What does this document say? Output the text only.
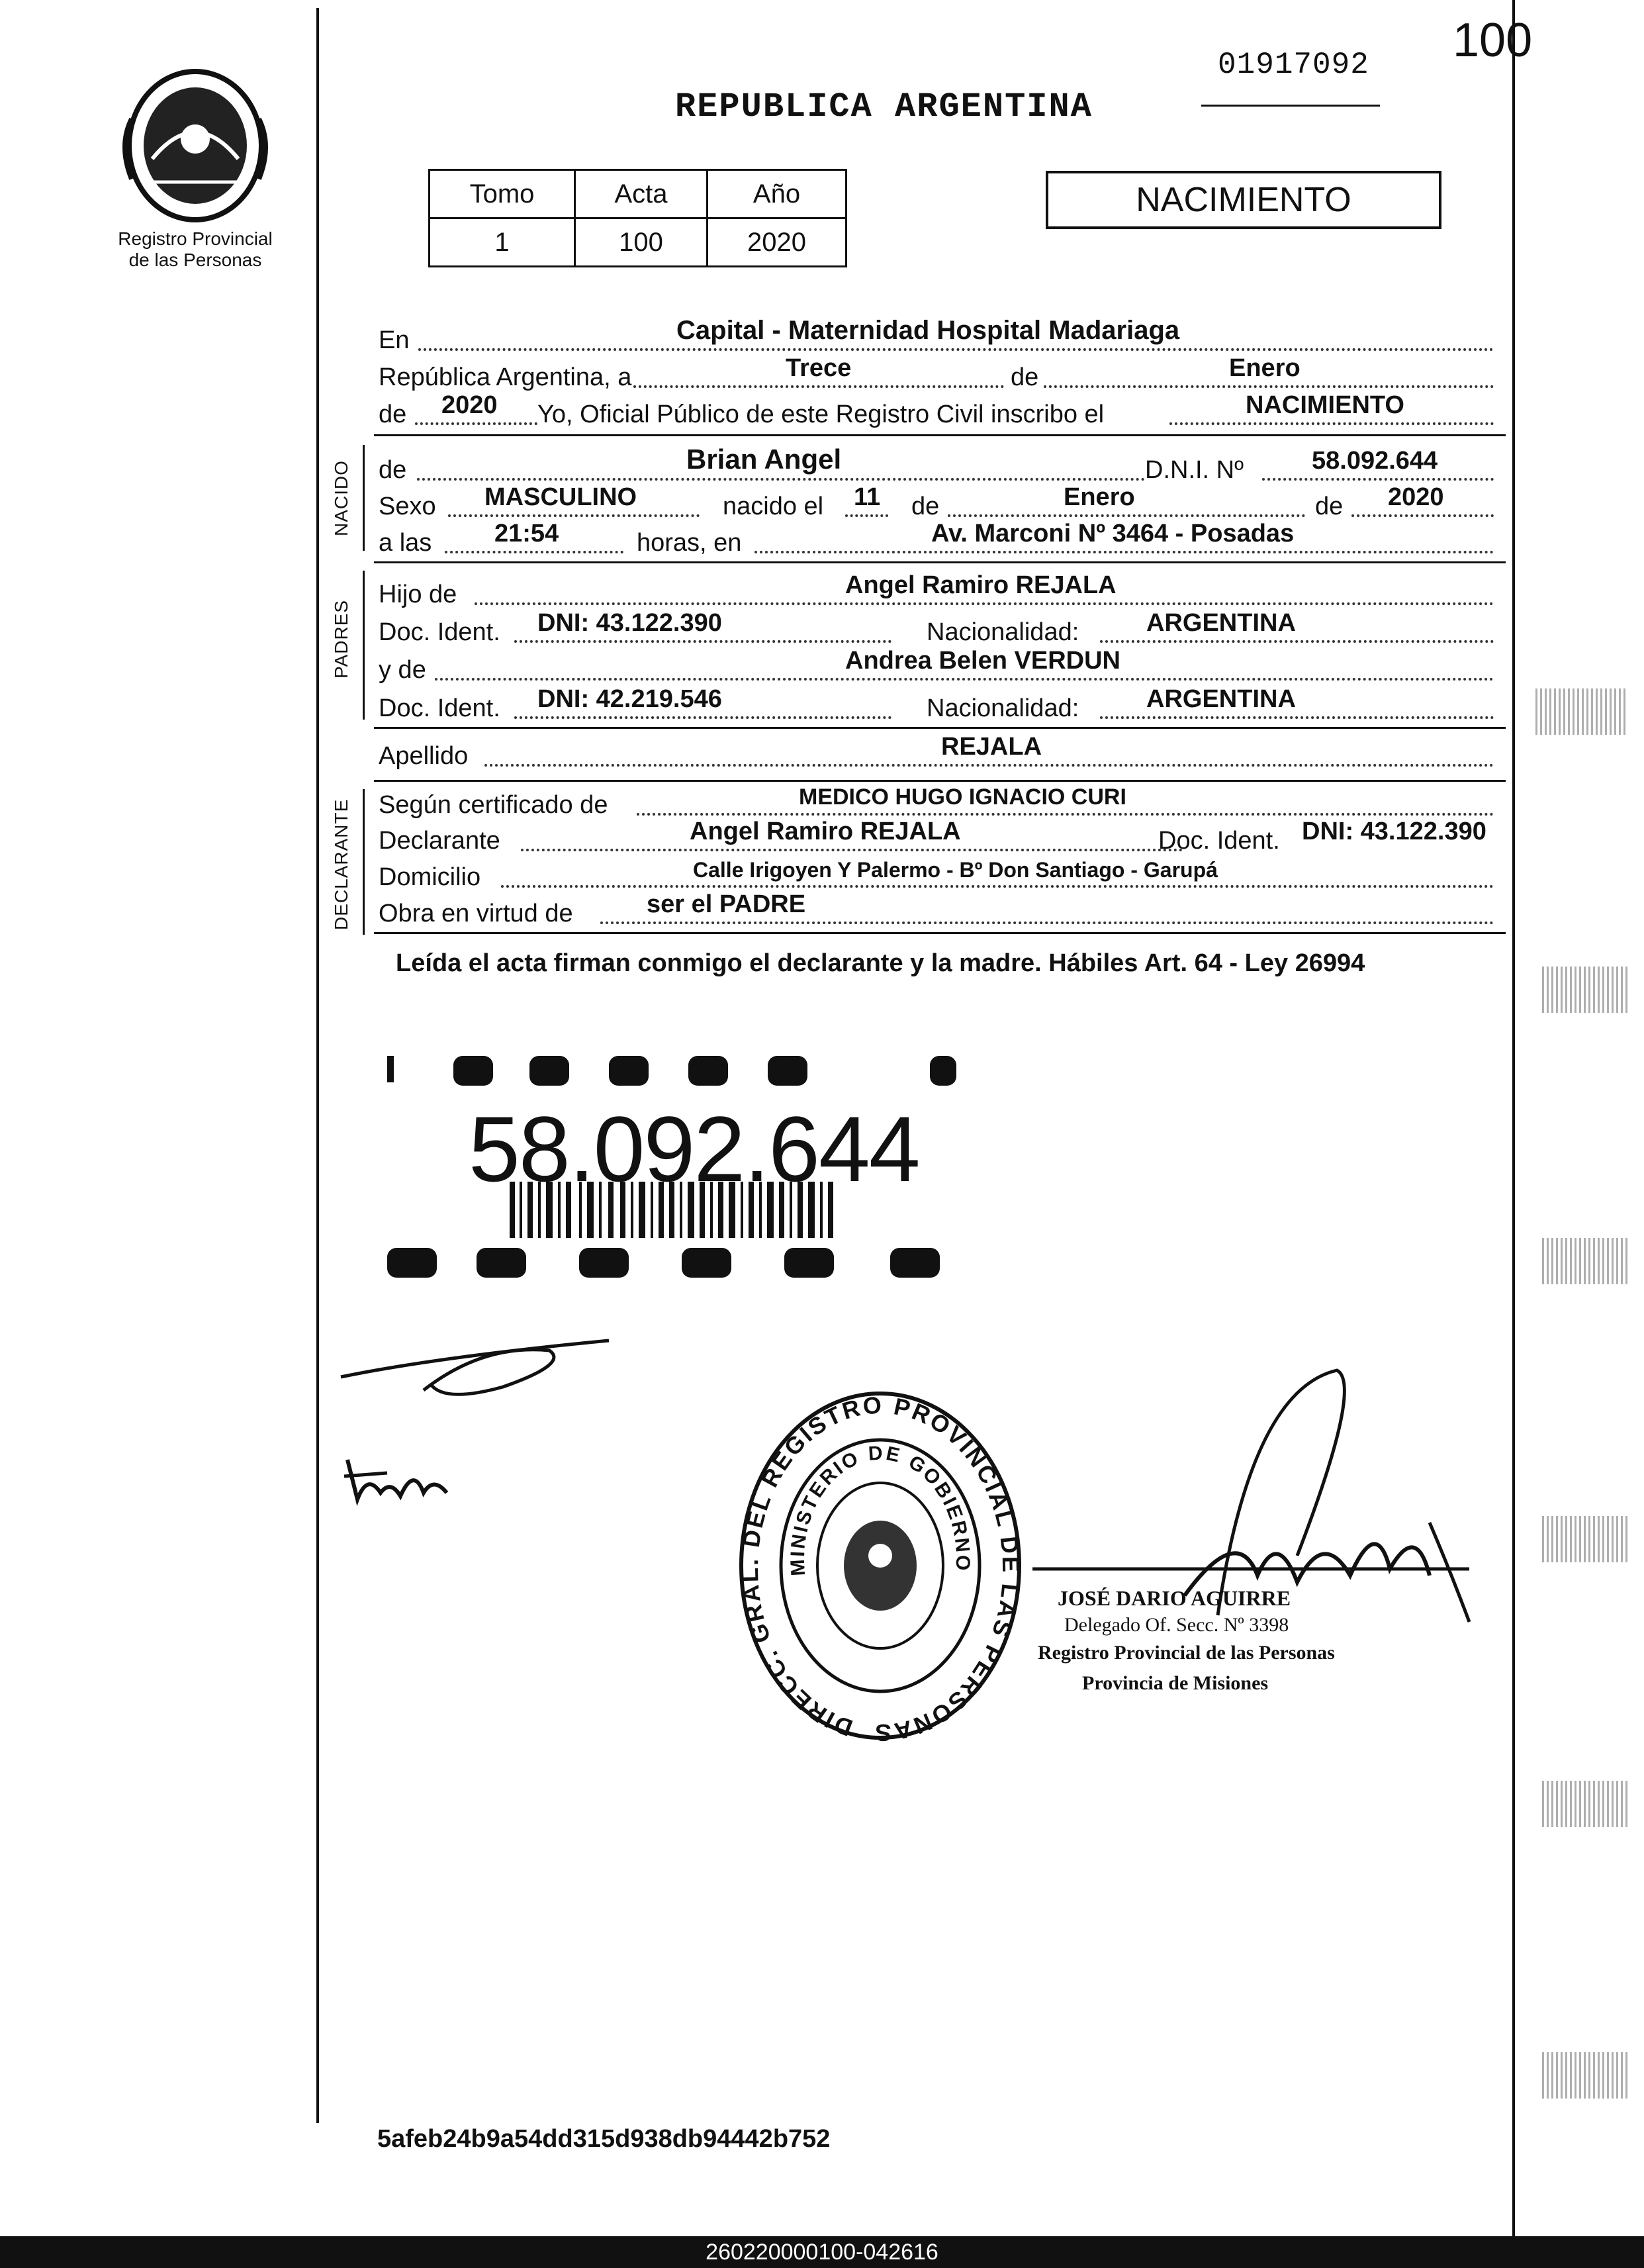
Registro Provincial
de las Personas
100
01917092
REPUBLICA ARGENTINA
Tomo	Acta	Año
1	100	2020
NACIMIENTO
En	Capital - Maternidad Hospital Madariaga
República Argentina, a	Trece	de	Enero
de 2020 Yo, Oficial Público de este Registro Civil inscribo el	NACIMIENTO
NACIDO de	Brian Angel	D.N.I. Nº	58.092.644
Sexo MASCULINO	nacido el 11 de	Enero	de 2020
a las 21:54	horas, en	Av. Marconi Nº 3464 - Posadas
PADRES
Hijo de	Angel Ramiro REJALA
Doc. Ident. DNI: 43.122.390	Nacionalidad:	ARGENTINA
y de	Andrea Belen VERDUN
Doc. Ident. DNI: 42.219.546	Nacionalidad:	ARGENTINA
Apellido	REJALA
DECLARANTE Según certificado de	MEDICO HUGO IGNACIO CURI
Declarante	Angel Ramiro REJALA	Doc. Ident. DNI: 43.122.390
Domicilio	Calle Irigoyen Y Palermo - Bº Don Santiago - Garupá
Obra en virtud de	ser el PADRE
Leída el acta firman conmigo el declarante y la madre. Hábiles Art. 64 - Ley 26994
58.092.644
DIRECC. GRAL. DEL REGISTRO PROVINCIAL DE LAS PERSONAS
MINISTERIO DE GOBIERNO
JOSÉ DARIO AGUIRRE
Delegado Of. Secc. Nº 3398
Registro Provincial de las Personas
Provincia de Misiones
5afeb24b9a54dd315d938db94442b752
260220000100-042616
